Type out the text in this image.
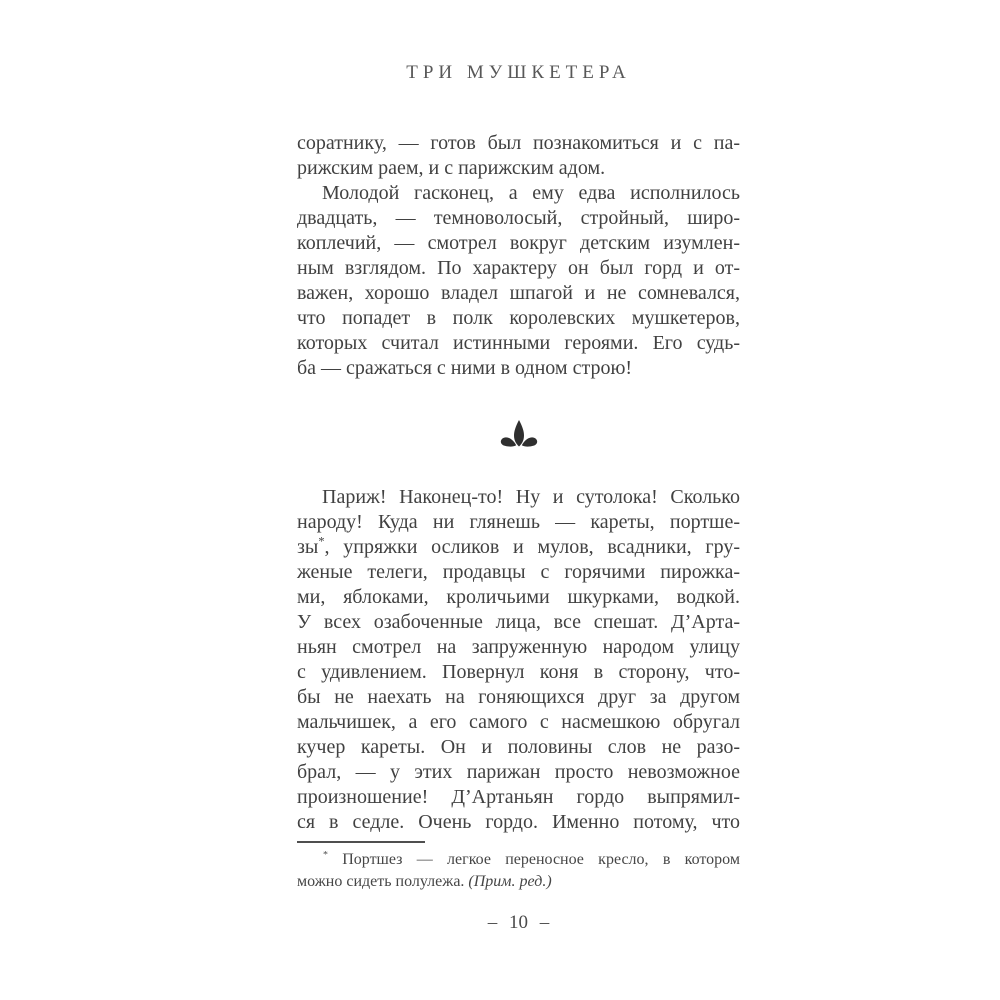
ТРИ МУШКЕТЕРА
соратнику, — готов был познакомиться и с па-
рижским раем, и с парижским адом.
Молодой гасконец, а ему едва исполнилось
двадцать, — темноволосый, стройный, широ-
коплечий, — смотрел вокруг детским изумлен-
ным взглядом. По характеру он был горд и от-
важен, хорошо владел шпагой и не сомневался,
что попадет в полк королевских мушкетеров,
которых считал истинными героями. Его судь-
ба — сражаться с ними в одном строю!
Париж! Наконец-то! Ну и сутолока! Сколько
народу! Куда ни глянешь — кареты, портше-
зы*, упряжки осликов и мулов, всадники, гру-
женые телеги, продавцы с горячими пирожка-
ми, яблоками, кроличьими шкурками, водкой.
У всех озабоченные лица, все спешат. Д’Арта-
ньян смотрел на запруженную народом улицу
с удивлением. Повернул коня в сторону, что-
бы не наехать на гоняющихся друг за другом
мальчишек, а его самого с насмешкою обругал
кучер кареты. Он и половины слов не разо-
брал, — у этих парижан просто невозможное
произношение! Д’Артаньян гордо выпрямил-
ся в седле. Очень гордо. Именно потому, что
* Портшез — легкое переносное кресло, в котором
можно сидеть полулежа. (Прим. ред.)
– 10 –
